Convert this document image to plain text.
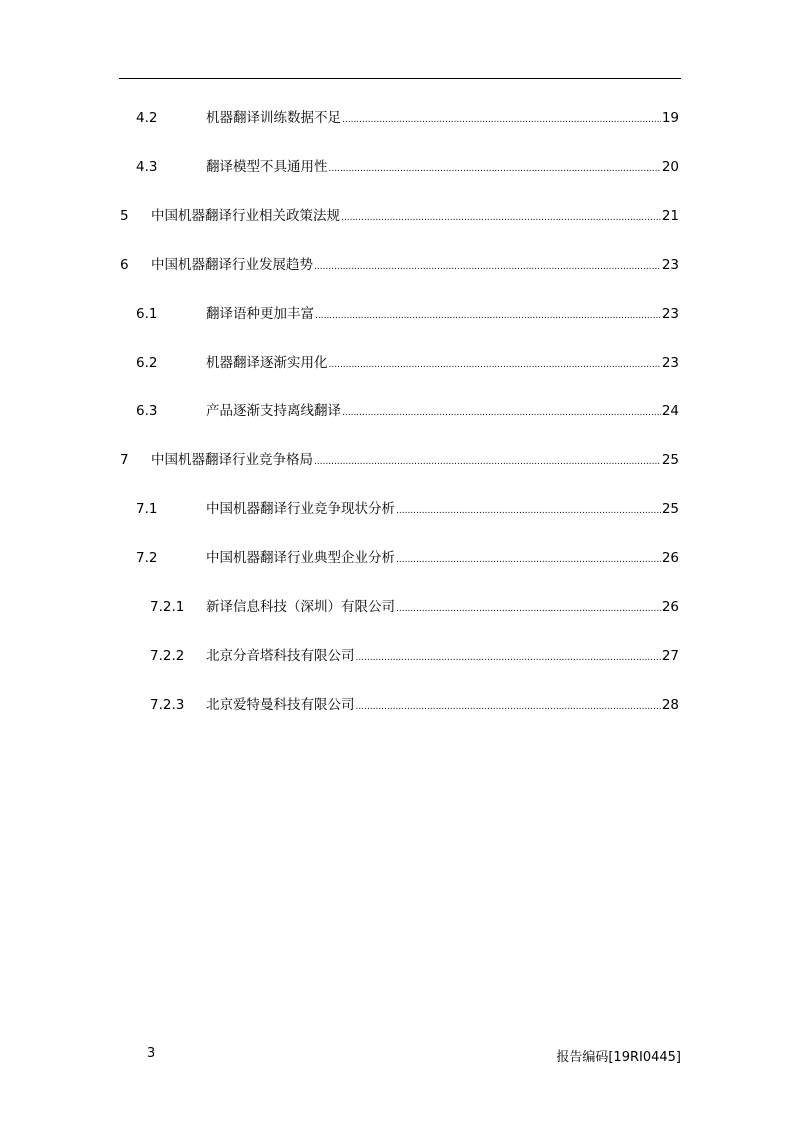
4.2	机器翻译训练数据不足 .....	19
4.3	翻译模型不具通用性 .....	20
5 中国机器翻译行业相关政策法规 .....	21
6 中国机器翻译行业发展趋势 .....	23
6.1	翻译语种更加丰富 .....	23
6.2	机器翻译逐渐实用化 .....	23
6.3	产品逐渐支持离线翻译 .....	24
7 中国机器翻译行业竞争格局 .....	25
7.1	中国机器翻译行业竞争现状分析 .....	25
7.2	中国机器翻译行业典型企业分析 .....	26
7.2.1 新译信息科技（深圳）有限公司 .....	26
7.2.2 北京分音塔科技有限公司 .....	27
7.2.3 北京爱特曼科技有限公司 .....	28
3	报告编码[19RI0445]
